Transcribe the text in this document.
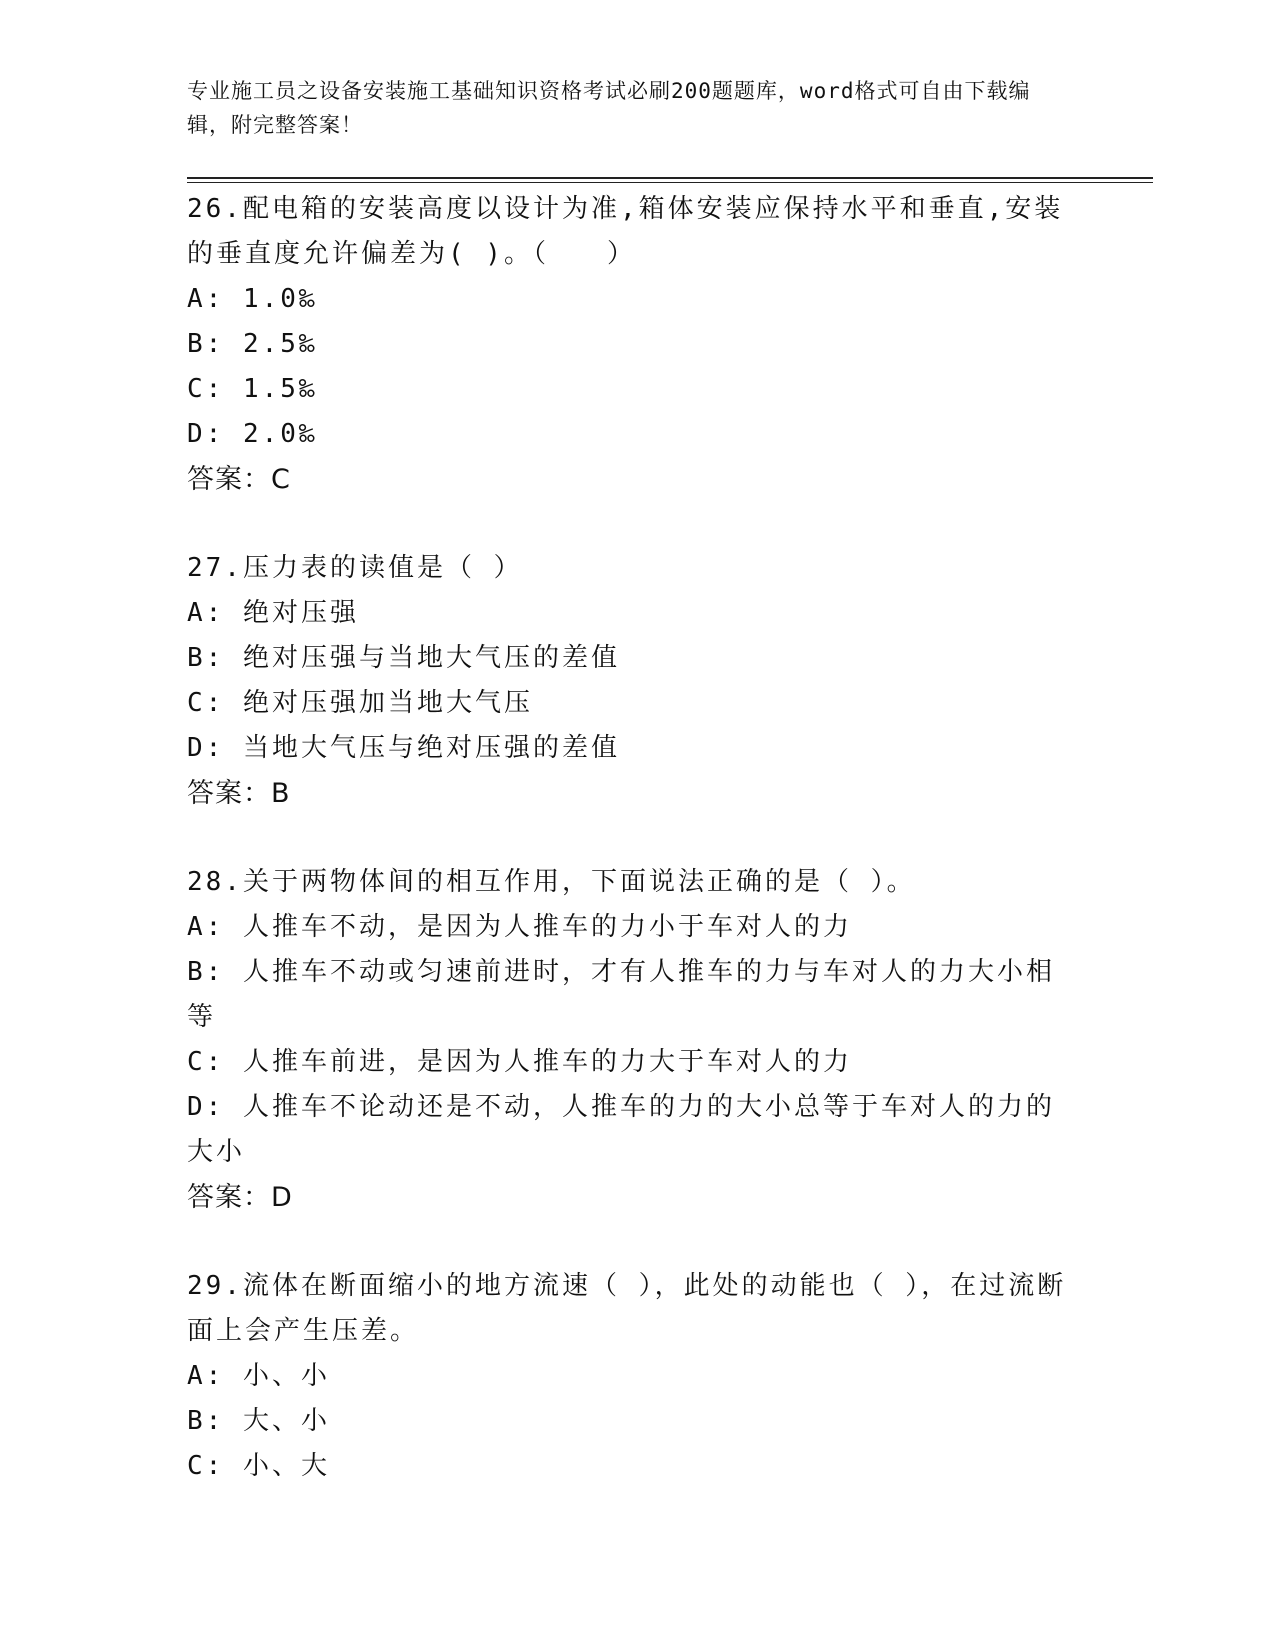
专业施工员之设备安装施工基础知识资格考试必刷200题题库，word格式可自由下载编辑，附完整答案！

26.配电箱的安装高度以设计为准,箱体安装应保持水平和垂直,安装的垂直度允许偏差为( )。（　　）

A: 1.0‰

B: 2.5‰

C: 1.5‰

D: 2.0‰

答案：C

27.压力表的读值是（ ）

A: 绝对压强

B: 绝对压强与当地大气压的差值

C: 绝对压强加当地大气压

D: 当地大气压与绝对压强的差值

答案：B

28.关于两物体间的相互作用，下面说法正确的是（ ）。

A: 人推车不动，是因为人推车的力小于车对人的力

B: 人推车不动或匀速前进时，才有人推车的力与车对人的力大小相等

C: 人推车前进，是因为人推车的力大于车对人的力

D: 人推车不论动还是不动，人推车的力的大小总等于车对人的力的大小

答案：D

29.流体在断面缩小的地方流速（ ），此处的动能也（ ），在过流断面上会产生压差。

A: 小、小

B: 大、小

C: 小、大
